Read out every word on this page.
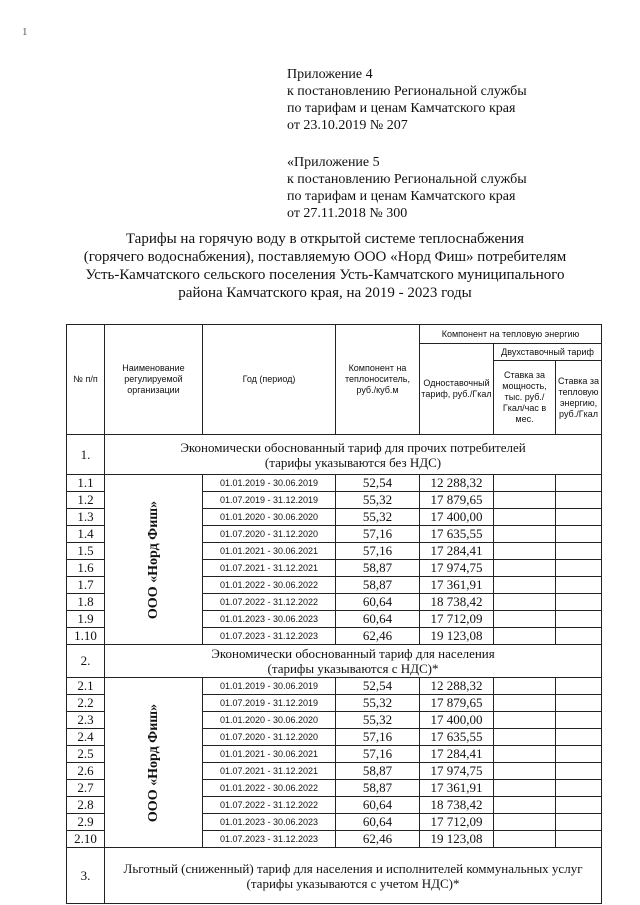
1
Приложение 4
к постановлению Региональной службы
по тарифам и ценам Камчатского края
от 23.10.2019 № 207
«Приложение 5
к постановлению Региональной службы
по тарифам и ценам Камчатского края
от 27.11.2018 № 300
Тарифы на горячую воду в открытой системе теплоснабжения
(горячего водоснабжения), поставляемую ООО «Норд Фиш» потребителям
Усть-Камчатского сельского поселения Усть-Камчатского муниципального
района Камчатского края, на 2019 - 2023 годы
№ п/п	Наименование регулируемой организации	Год (период)	Компонент на теплоноситель, руб./куб.м	Компонент на тепловую энергию		
				Одноставочный тариф, руб./Гкал	Двухставочный тариф	
					Ставка за мощность, тыс. руб./Гкал/час в мес.	Ставка за тепловую энергию, руб./Гкал
1.	Экономически обоснованный тариф для прочих потребителей
(тарифы указываются без НДС)					

1.1	ООО «Норд Фиш»	01.01.2019 - 30.06.2019	52,54	12 288,32		
1.2		01.07.2019 - 31.12.2019	55,32	17 879,65		
1.3		01.01.2020 - 30.06.2020	55,32	17 400,00		
1.4		01.07.2020 - 31.12.2020	57,16	17 635,55		
1.5		01.01.2021 - 30.06.2021	57,16	17 284,41		
1.6		01.07.2021 - 31.12.2021	58,87	17 974,75		
1.7		01.01.2022 - 30.06.2022	58,87	17 361,91		
1.8		01.07.2022 - 31.12.2022	60,64	18 738,42		
1.9		01.01.2023 - 30.06.2023	60,64	17 712,09		
1.10		01.07.2023 - 31.12.2023	62,46	19 123,08		
2.	Экономически обоснованный тариф для населения
(тарифы указываются с НДС)*					

2.1	ООО «Норд Фиш»	01.01.2019 - 30.06.2019	52,54	12 288,32		
2.2		01.07.2019 - 31.12.2019	55,32	17 879,65		
2.3		01.01.2020 - 30.06.2020	55,32	17 400,00		
2.4		01.07.2020 - 31.12.2020	57,16	17 635,55		
2.5		01.01.2021 - 30.06.2021	57,16	17 284,41		
2.6		01.07.2021 - 31.12.2021	58,87	17 974,75		
2.7		01.01.2022 - 30.06.2022	58,87	17 361,91		
2.8		01.07.2022 - 31.12.2022	60,64	18 738,42		
2.9		01.01.2023 - 30.06.2023	60,64	17 712,09		
2.10		01.07.2023 - 31.12.2023	62,46	19 123,08		
3.	Льготный (сниженный) тариф для населения и исполнителей коммунальных услуг
(тарифы указываются с учетом НДС)*					
